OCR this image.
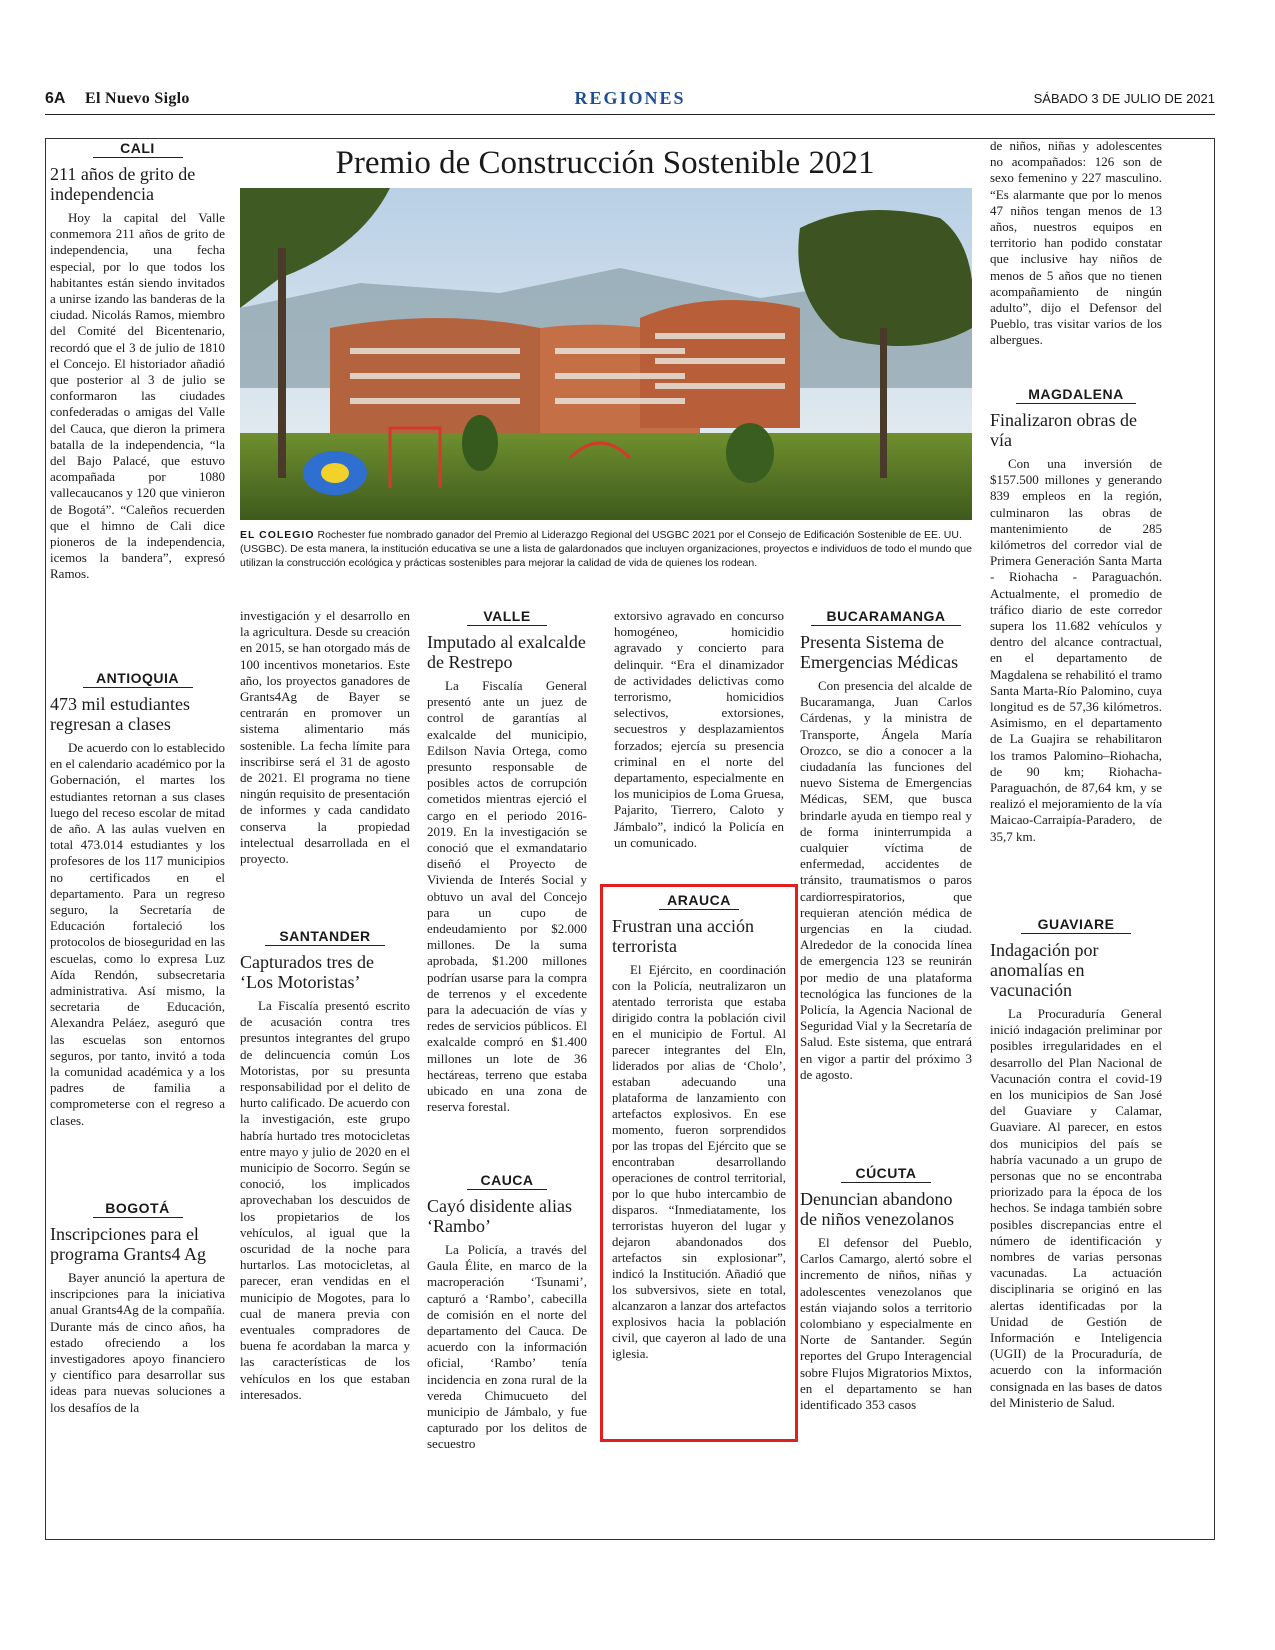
6A El Nuevo Siglo	REGIONES	SÁBADO 3 DE JULIO DE 2021
CALI
211 años de grito de independencia

Hoy la capital del Valle conmemora 211 años de grito de independencia, una fecha especial, por lo que todos los habitantes están siendo invitados a unirse izando las banderas de la ciudad. Nicolás Ramos, miembro del Comité del Bicentenario, recordó que el 3 de julio de 1810 el Concejo. El historiador añadió que posterior al 3 de julio se conformaron las ciudades confederadas o amigas del Valle del Cauca, que dieron la primera batalla de la independencia, “la del Bajo Palacé, que estuvo acompañada por 1080 vallecaucanos y 120 que vinieron de Bogotá”. “Caleños recuerden que el himno de Cali dice pioneros de la independencia, icemos la bandera”, expresó Ramos.

ANTIOQUIA
473 mil estudiantes regresan a clases

De acuerdo con lo establecido en el calendario académico por la Gobernación, el martes los estudiantes retornan a sus clases luego del receso escolar de mitad de año. A las aulas vuelven en total 473.014 estudiantes y los profesores de los 117 municipios no certificados en el departamento. Para un regreso seguro, la Secretaría de Educación fortaleció los protocolos de bioseguridad en las escuelas, como lo expresa Luz Aída Rendón, subsecretaria administrativa. Así mismo, la secretaria de Educación, Alexandra Peláez, aseguró que las escuelas son entornos seguros, por tanto, invitó a toda la comunidad académica y a los padres de familia a comprometerse con el regreso a clases.

BOGOTÁ
Inscripciones para el programa Grants4 Ag

Bayer anunció la apertura de inscripciones para la iniciativa anual Grants4Ag de la compañía. Durante más de cinco años, ha estado ofreciendo a los investigadores apoyo financiero y científico para desarrollar sus ideas para nuevas soluciones a los desafíos de la

Premio de Construcción Sostenible 2021
EL COLEGIO Rochester fue nombrado ganador del Premio al Liderazgo Regional del USGBC 2021 por el Consejo de Edificación Sostenible de EE. UU. (USGBC). De esta manera, la institución educativa se une a lista de galardonados que incluyen organizaciones, proyectos e individuos de todo el mundo que utilizan la construcción ecológica y prácticas sostenibles para mejorar la calidad de vida de quienes los rodean.

investigación y el desarrollo en la agricultura. Desde su creación en 2015, se han otorgado más de 100 incentivos monetarios. Este año, los proyectos ganadores de Grants4Ag de Bayer se centrarán en promover un sistema alimentario más sostenible. La fecha límite para inscribirse será el 31 de agosto de 2021. El programa no tiene ningún requisito de presentación de informes y cada candidato conserva la propiedad intelectual desarrollada en el proyecto.

SANTANDER
Capturados tres de ‘Los Motoristas’

La Fiscalía presentó escrito de acusación contra tres presuntos integrantes del grupo de delincuencia común Los Motoristas, por su presunta responsabilidad por el delito de hurto calificado. De acuerdo con la investigación, este grupo habría hurtado tres motocicletas entre mayo y julio de 2020 en el municipio de Socorro. Según se conoció, los implicados aprovechaban los descuidos de los propietarios de los vehículos, al igual que la oscuridad de la noche para hurtarlos. Las motocicletas, al parecer, eran vendidas en el municipio de Mogotes, para lo cual de manera previa con eventuales compradores de buena fe acordaban la marca y las características de los vehículos en los que estaban interesados.

VALLE
Imputado al exalcalde de Restrepo

La Fiscalía General presentó ante un juez de control de garantías al exalcalde del municipio, Edilson Navia Ortega, como presunto responsable de posibles actos de corrupción cometidos mientras ejerció el cargo en el periodo 2016-2019. En la investigación se conoció que el exmandatario diseñó el Proyecto de Vivienda de Interés Social y obtuvo un aval del Concejo para un cupo de endeudamiento por $2.000 millones. De la suma aprobada, $1.200 millones podrían usarse para la compra de terrenos y el excedente para la adecuación de vías y redes de servicios públicos. El exalcalde compró en $1.400 millones un lote de 36 hectáreas, terreno que estaba ubicado en una zona de reserva forestal.

CAUCA
Cayó disidente alias ‘Rambo’

La Policía, a través del Gaula Élite, en marco de la macroperación ‘Tsunami’, capturó a ‘Rambo’, cabecilla de comisión en el norte del departamento del Cauca. De acuerdo con la información oficial, ‘Rambo’ tenía incidencia en zona rural de la vereda Chimucueto del municipio de Jámbalo, y fue capturado por los delitos de secuestro

extorsivo agravado en concurso homogéneo, homicidio agravado y concierto para delinquir. “Era el dinamizador de actividades delictivas como terrorismo, homicidios selectivos, extorsiones, secuestros y desplazamientos forzados; ejercía su presencia criminal en el norte del departamento, especialmente en los municipios de Loma Gruesa, Pajarito, Tierrero, Caloto y Jámbalo”, indicó la Policía en un comunicado.

ARAUCA
Frustran una acción terrorista

El Ejército, en coordinación con la Policía, neutralizaron un atentado terrorista que estaba dirigido contra la población civil en el municipio de Fortul. Al parecer integrantes del Eln, liderados por alias de ‘Cholo’, estaban adecuando una plataforma de lanzamiento con artefactos explosivos. En ese momento, fueron sorprendidos por las tropas del Ejército que se encontraban desarrollando operaciones de control territorial, por lo que hubo intercambio de disparos. “Inmediatamente, los terroristas huyeron del lugar y dejaron abandonados dos artefactos sin explosionar”, indicó la Institución. Añadió que los subversivos, siete en total, alcanzaron a lanzar dos artefactos explosivos hacia la población civil, que cayeron al lado de una iglesia.

BUCARAMANGA
Presenta Sistema de Emergencias Médicas

Con presencia del alcalde de Bucaramanga, Juan Carlos Cárdenas, y la ministra de Transporte, Ángela María Orozco, se dio a conocer a la ciudadanía las funciones del nuevo Sistema de Emergencias Médicas, SEM, que busca brindarle ayuda en tiempo real y de forma ininterrumpida a cualquier víctima de enfermedad, accidentes de tránsito, traumatismos o paros cardiorrespiratorios, que requieran atención médica de urgencias en la ciudad. Alrededor de la conocida línea de emergencia 123 se reunirán por medio de una plataforma tecnológica las funciones de la Policía, la Agencia Nacional de Seguridad Vial y la Secretaría de Salud. Este sistema, que entrará en vigor a partir del próximo 3 de agosto.

CÚCUTA
Denuncian abandono de niños venezolanos

El defensor del Pueblo, Carlos Camargo, alertó sobre el incremento de niños, niñas y adolescentes venezolanos que están viajando solos a territorio colombiano y especialmente en Norte de Santander. Según reportes del Grupo Interagencial sobre Flujos Migratorios Mixtos, en el departamento se han identificado 353 casos

de niños, niñas y adolescentes no acompañados: 126 son de sexo femenino y 227 masculino. “Es alarmante que por lo menos 47 niños tengan menos de 13 años, nuestros equipos en territorio han podido constatar que inclusive hay niños de menos de 5 años que no tienen acompañamiento de ningún adulto”, dijo el Defensor del Pueblo, tras visitar varios de los albergues.

MAGDALENA
Finalizaron obras de vía

Con una inversión de $157.500 millones y generando 839 empleos en la región, culminaron las obras de mantenimiento de 285 kilómetros del corredor vial de Primera Generación Santa Marta - Riohacha - Paraguachón. Actualmente, el promedio de tráfico diario de este corredor supera los 11.682 vehículos y dentro del alcance contractual, en el departamento de Magdalena se rehabilitó el tramo Santa Marta-Río Palomino, cuya longitud es de 57,36 kilómetros. Asimismo, en el departamento de La Guajira se rehabilitaron los tramos Palomino–Riohacha, de 90 km; Riohacha-Paraguachón, de 87,64 km, y se realizó el mejoramiento de la vía Maicao-Carraipía-Paradero, de 35,7 km.

GUAVIARE
Indagación por anomalías en vacunación

La Procuraduría General inició indagación preliminar por posibles irregularidades en el desarrollo del Plan Nacional de Vacunación contra el covid-19 en los municipios de San José del Guaviare y Calamar, Guaviare. Al parecer, en estos dos municipios del país se habría vacunado a un grupo de personas que no se encontraba priorizado para la época de los hechos. Se indaga también sobre posibles discrepancias entre el número de identificación y nombres de varias personas vacunadas. La actuación disciplinaria se originó en las alertas identificadas por la Unidad de Gestión de Información e Inteligencia (UGII) de la Procuraduría, de acuerdo con la información consignada en las bases de datos del Ministerio de Salud.
